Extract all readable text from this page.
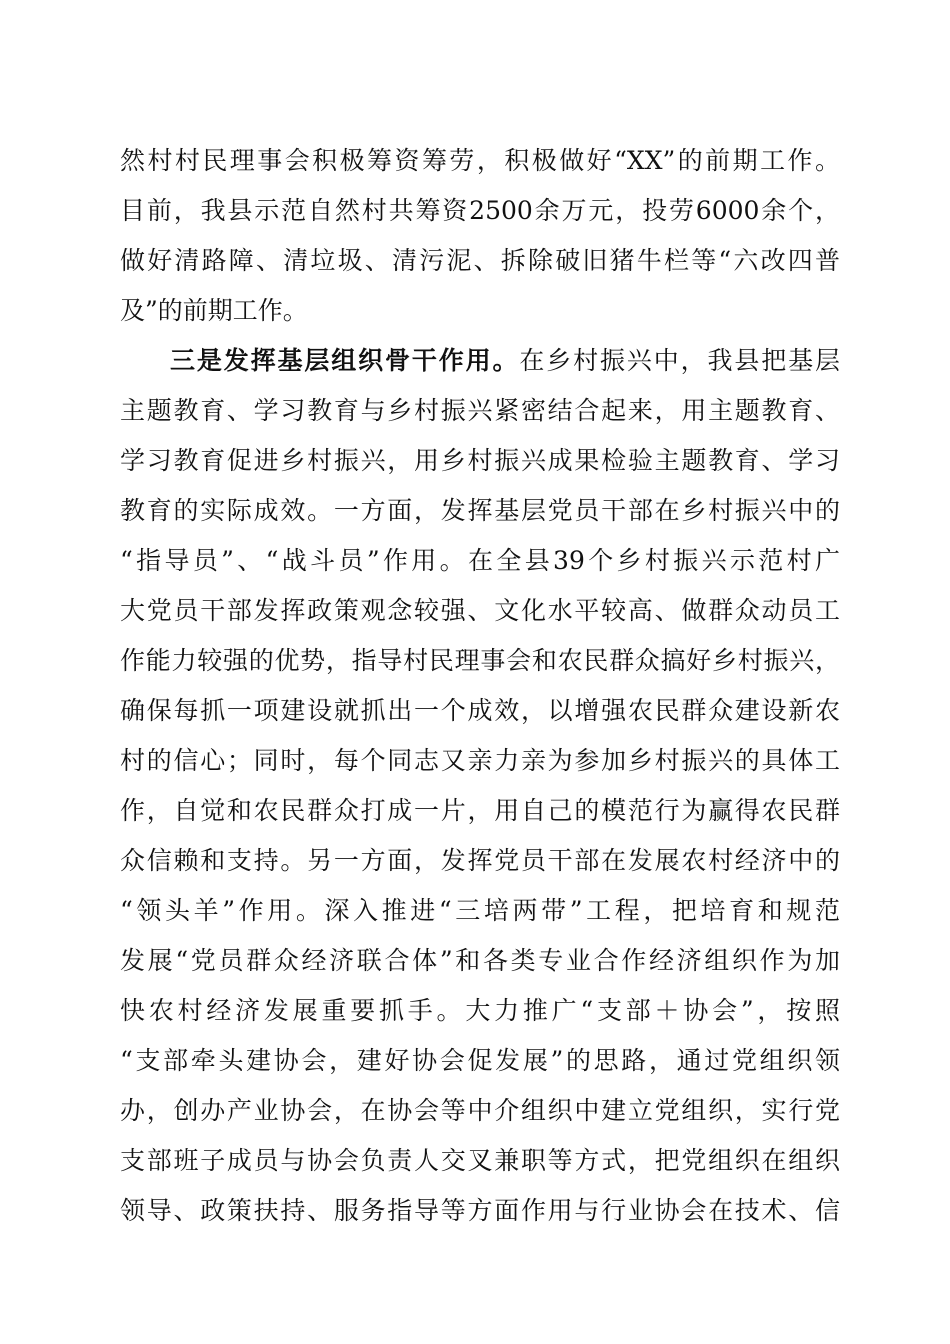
然村村民理事会积极筹资筹劳，积极做好“XX”的前期工作。
目前，我县示范自然村共筹资2500余万元，投劳6000余个，
做好清路障、清垃圾、清污泥、拆除破旧猪牛栏等“六改四普
及”的前期工作。
三是发挥基层组织骨干作用。在乡村振兴中，我县把基层
主题教育、学习教育与乡村振兴紧密结合起来，用主题教育、
学习教育促进乡村振兴，用乡村振兴成果检验主题教育、学习
教育的实际成效。一方面，发挥基层党员干部在乡村振兴中的
“指导员”、“战斗员”作用。在全县39个乡村振兴示范村广
大党员干部发挥政策观念较强、文化水平较高、做群众动员工
作能力较强的优势，指导村民理事会和农民群众搞好乡村振兴，
确保每抓一项建设就抓出一个成效，以增强农民群众建设新农
村的信心；同时，每个同志又亲力亲为参加乡村振兴的具体工
作，自觉和农民群众打成一片，用自己的模范行为赢得农民群
众信赖和支持。另一方面，发挥党员干部在发展农村经济中的
“领头羊”作用。深入推进“三培两带”工程，把培育和规范
发展“党员群众经济联合体”和各类专业合作经济组织作为加
快农村经济发展重要抓手。大力推广“支部＋协会”，按照
“支部牵头建协会，建好协会促发展”的思路，通过党组织领
办，创办产业协会，在协会等中介组织中建立党组织，实行党
支部班子成员与协会负责人交叉兼职等方式，把党组织在组织
领导、政策扶持、服务指导等方面作用与行业协会在技术、信
